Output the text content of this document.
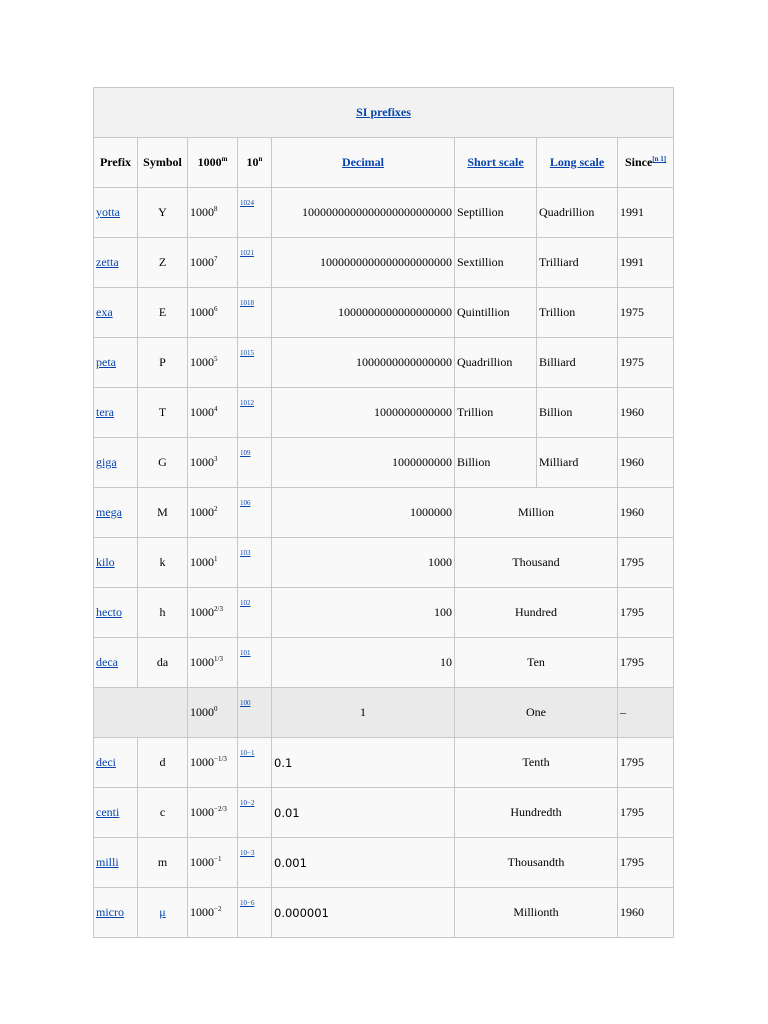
SI prefixes							
Prefix	Symbol	1000$^m$	10$^n$	Decimal	Short scale	Long scale	Since[n 1]
yotta	Y	1000$^8$	$^{1024}$	1000000000000000000000000	Septillion	Quadrillion	1991
zetta	Z	1000$^7$	$^{1021}$	1000000000000000000000	Sextillion	Trilliard	1991
exa	E	1000$^6$	$^{1018}$	1000000000000000000	Quintillion	Trillion	1975
peta	P	1000$^5$	$^{1015}$	1000000000000000	Quadrillion	Billiard	1975
tera	T	1000$^4$	$^{1012}$	1000000000000	Trillion	Billion	1960
giga	G	1000$^3$	$^{109}$	1000000000	Billion	Milliard	1960
mega	M	1000$^2$	$^{106}$	1000000	Million		1960
kilo	k	1000$^1$	$^{103}$	1000	Thousand		1795
hecto	h	$1000^{2/3}$	$^{102}$	100	Hundred		1795
deca	da	$1000^{1/3}$	$^{101}$	10	Ten		1795
		1000$^0$	$^{100}$	1	One		–
deci	d	$1000^{-1/3}$	$^{10-1}$	0.1	Tenth		1795
centi	c	$1000^{-2/3}$	$^{10-2}$	0.01	Hundredth		1795
milli	m	$1000^{-1}$	$^{10-3}$	0.001	Thousandth		1795
micro	μ	$1000^{-2}$	$^{10-6}$	0.000001	Millionth		1960
